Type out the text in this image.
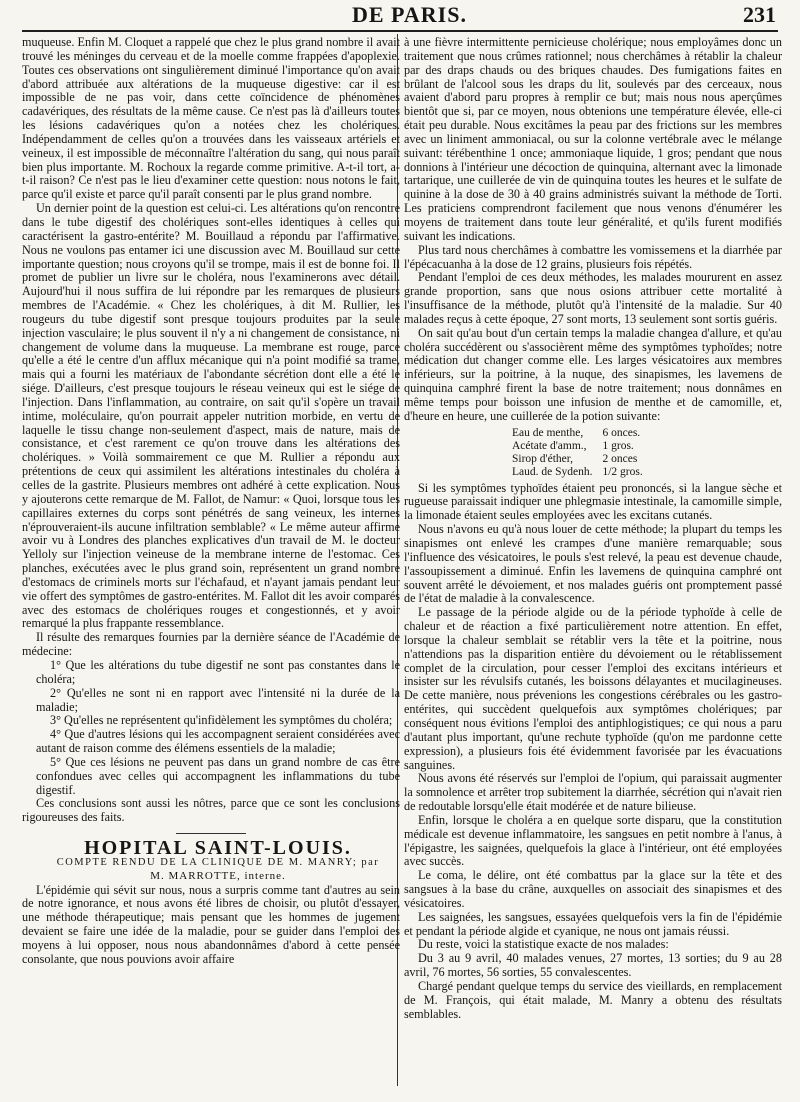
DE PARIS.	231

muqueuse. Enfin M. Cloquet a rappelé que chez le plus grand nombre il avait trouvé les méninges du cerveau et de la moelle comme frappées d'apoplexie. Toutes ces observations ont singulièrement diminué l'importance qu'on avait d'abord attribuée aux altérations de la muqueuse digestive: car il est impossible de ne pas voir, dans cette coïncidence de phénomènes cadavériques, des résultats de la même cause. Ce n'est pas là d'ailleurs toutes les lésions cadavériques qu'on a notées chez les cholériques. Indépendamment de celles qu'on a trouvées dans les vaisseaux artériels et veineux, il est impossible de méconnaître l'altération du sang, qui nous paraît bien plus importante. M. Rochoux la regarde comme primitive. A-t-il tort, a-t-il raison? Ce n'est pas le lieu d'examiner cette question: nous notons le fait, parce qu'il existe et parce qu'il paraît consenti par le plus grand nombre.

Un dernier point de la question est celui-ci. Les altérations qu'on rencontre dans le tube digestif des cholériques sont-elles identiques à celles qui caractérisent la gastro-entérite? M. Bouillaud a répondu par l'affirmative. Nous ne voulons pas entamer ici une discussion avec M. Bouillaud sur cette importante question; nous croyons qu'il se trompe, mais il est de bonne foi. Il promet de publier un livre sur le choléra, nous l'examinerons avec détail. Aujourd'hui il nous suffira de lui répondre par les remarques de plusieurs membres de l'Académie. « Chez les cholériques, à dit M. Rullier, les rougeurs du tube digestif sont presque toujours produites par la seule injection vasculaire; le plus souvent il n'y a ni changement de consistance, ni changement de volume dans la muqueuse. La membrane est rouge, parce qu'elle a été le centre d'un afflux mécanique qui n'a point modifié sa trame, mais qui a fourni les matériaux de l'abondante sécrétion dont elle a été le siége. D'ailleurs, c'est presque toujours le réseau veineux qui est le siége de l'injection. Dans l'inflammation, au contraire, on sait qu'il s'opère un travail intime, moléculaire, qu'on pourrait appeler nutrition morbide, en vertu de laquelle le tissu change non-seulement d'aspect, mais de nature, mais de consistance, et c'est rarement ce qu'on trouve dans les altérations des cholériques. » Voilà sommairement ce que M. Rullier a répondu aux prétentions de ceux qui assimilent les altérations intestinales du choléra à celles de la gastrite. Plusieurs membres ont adhéré à cette explication. Nous y ajouterons cette remarque de M. Fallot, de Namur: « Quoi, lorsque tous les capillaires externes du corps sont pénétrés de sang veineux, les internes n'éprouveraient-ils aucune infiltration semblable? « Le même auteur affirme avoir vu à Londres des planches explicatives d'un travail de M. le docteur Yelloly sur l'injection veineuse de la membrane interne de l'estomac. Ces planches, exécutées avec le plus grand soin, représentent un grand nombre d'estomacs de criminels morts sur l'échafaud, et n'ayant jamais pendant leur vie offert des symptômes de gastro-entérites. M. Fallot dit les avoir comparés avec des estomacs de cholériques rouges et congestionnés, et y avoir remarqué la plus frappante ressemblance.

Il résulte des remarques fournies par la dernière séance de l'Académie de médecine:

1° Que les altérations du tube digestif ne sont pas constantes dans le choléra;

2° Qu'elles ne sont ni en rapport avec l'intensité ni la durée de la maladie;

3° Qu'elles ne représentent qu'infidèlement les symptômes du choléra;

4° Que d'autres lésions qui les accompagnent seraient considérées avec autant de raison comme des élémens essentiels de la maladie;

5° Que ces lésions ne peuvent pas dans un grand nombre de cas être confondues avec celles qui accompagnent les inflammations du tube digestif.

Ces conclusions sont aussi les nôtres, parce que ce sont les conclusions rigoureuses des faits.

HOPITAL SAINT-LOUIS.

COMPTE RENDU DE LA CLINIQUE DE M. MANRY; par

M. MARROTTE, interne.

L'épidémie qui sévit sur nous, nous a surpris comme tant d'autres au sein de notre ignorance, et nous avons été libres de choisir, ou plutôt d'essayer, une méthode thérapeutique; mais pensant que les hommes de jugement devaient se faire une idée de la maladie, pour se guider dans l'emploi des moyens à lui opposer, nous nous abandonnâmes d'abord à cette pensée consolante, que nous pouvions avoir affaire

à une fièvre intermittente pernicieuse cholérique; nous employâmes donc un traitement que nous crûmes rationnel; nous cherchâmes à rétablir la chaleur par des draps chauds ou des briques chaudes. Des fumigations faites en brûlant de l'alcool sous les draps du lit, soulevés par des cerceaux, nous avaient d'abord paru propres à remplir ce but; mais nous nous aperçûmes bientôt que si, par ce moyen, nous obtenions une température élevée, elle-ci était peu durable. Nous excitâmes la peau par des frictions sur les membres avec un liniment ammoniacal, ou sur la colonne vertébrale avec le mélange suivant: térébenthine 1 once; ammoniaque liquide, 1 gros; pendant que nous donnions à l'intérieur une décoction de quinquina, alternant avec la limonade tartarique, une cuillerée de vin de quinquina toutes les heures et le sulfate de quinine à la dose de 30 à 40 grains administrés suivant la méthode de Torti. Les praticiens comprendront facilement que nous venons d'énumérer les moyens de traitement dans toute leur généralité, et qu'ils furent modifiés suivant les indications.

Plus tard nous cherchâmes à combattre les vomissemens et la diarrhée par l'épécacuanha à la dose de 12 grains, plusieurs fois répétés.

Pendant l'emploi de ces deux méthodes, les malades moururent en assez grande proportion, sans que nous osions attribuer cette mortalité à l'insuffisance de la méthode, plutôt qu'à l'intensité de la maladie. Sur 40 malades reçus à cette époque, 27 sont morts, 13 seulement sont sortis guéris.

On sait qu'au bout d'un certain temps la maladie changea d'allure, et qu'au choléra succédèrent ou s'associèrent même des symptômes typhoïdes; notre médication dut changer comme elle. Les larges vésicatoires aux membres inférieurs, sur la poitrine, à la nuque, des sinapismes, les lavemens de quinquina camphré firent la base de notre traitement; nous donnâmes en même temps pour boisson une infusion de menthe et de camomille, et, d'heure en heure, une cuillerée de la potion suivante:

Eau de menthe,	6 onces.
Acétate d'amm.,	1 gros.
Sirop d'éther,	2 onces
Laud. de Sydenh.	1/2 gros.

Si les symptômes typhoïdes étaient peu prononcés, si la langue sèche et rugueuse paraissait indiquer une phlegmasie intestinale, la camomille simple, la limonade étaient seules employées avec les excitans cutanés.

Nous n'avons eu qu'à nous louer de cette méthode; la plupart du temps les sinapismes ont enlevé les crampes d'une manière remarquable; sous l'influence des vésicatoires, le pouls s'est relevé, la peau est devenue chaude, l'assoupissement a diminué. Enfin les lavemens de quinquina camphré ont souvent arrêté le dévoiement, et nos malades guéris ont promptement passé de l'état de maladie à la convalescence.

Le passage de la période algide ou de la période typhoïde à celle de chaleur et de réaction a fixé particulièrement notre attention. En effet, lorsque la chaleur semblait se rétablir vers la tête et la poitrine, nous n'attendions pas la disparition entière du dévoiement ou le rétablissement complet de la circulation, pour cesser l'emploi des excitans intérieurs et insister sur les révulsifs cutanés, les boissons délayantes et mucilagineuses. De cette manière, nous prévenions les congestions cérébrales ou les gastro-entérites, qui succèdent quelquefois aux symptômes cholériques; par conséquent nous évitions l'emploi des antiphlogistiques; ce qui nous a paru d'autant plus important, qu'une rechute typhoïde (qu'on me pardonne cette expression), a plusieurs fois été évidemment favorisée par les évacuations sanguines.

Nous avons été réservés sur l'emploi de l'opium, qui paraissait augmenter la somnolence et arrêter trop subitement la diarrhée, sécrétion qui n'avait rien de redoutable lorsqu'elle était modérée et de nature bilieuse.

Enfin, lorsque le choléra a en quelque sorte disparu, que la constitution médicale est devenue inflammatoire, les sangsues en petit nombre à l'anus, à l'épigastre, les saignées, quelquefois la glace à l'intérieur, ont été employées avec succès.

Le coma, le délire, ont été combattus par la glace sur la tête et des sangsues à la base du crâne, auxquelles on associait des sinapismes et des vésicatoires.

Les saignées, les sangsues, essayées quelquefois vers la fin de l'épidémie et pendant la période algide et cyanique, ne nous ont jamais réussi.

Du reste, voici la statistique exacte de nos malades:

Du 3 au 9 avril, 40 malades venues, 27 mortes, 13 sorties; du 9 au 28 avril, 76 mortes, 56 sorties, 55 convalescentes.

Chargé pendant quelque temps du service des vieillards, en remplacement de M. François, qui était malade, M. Manry a obtenu des résultats semblables.
